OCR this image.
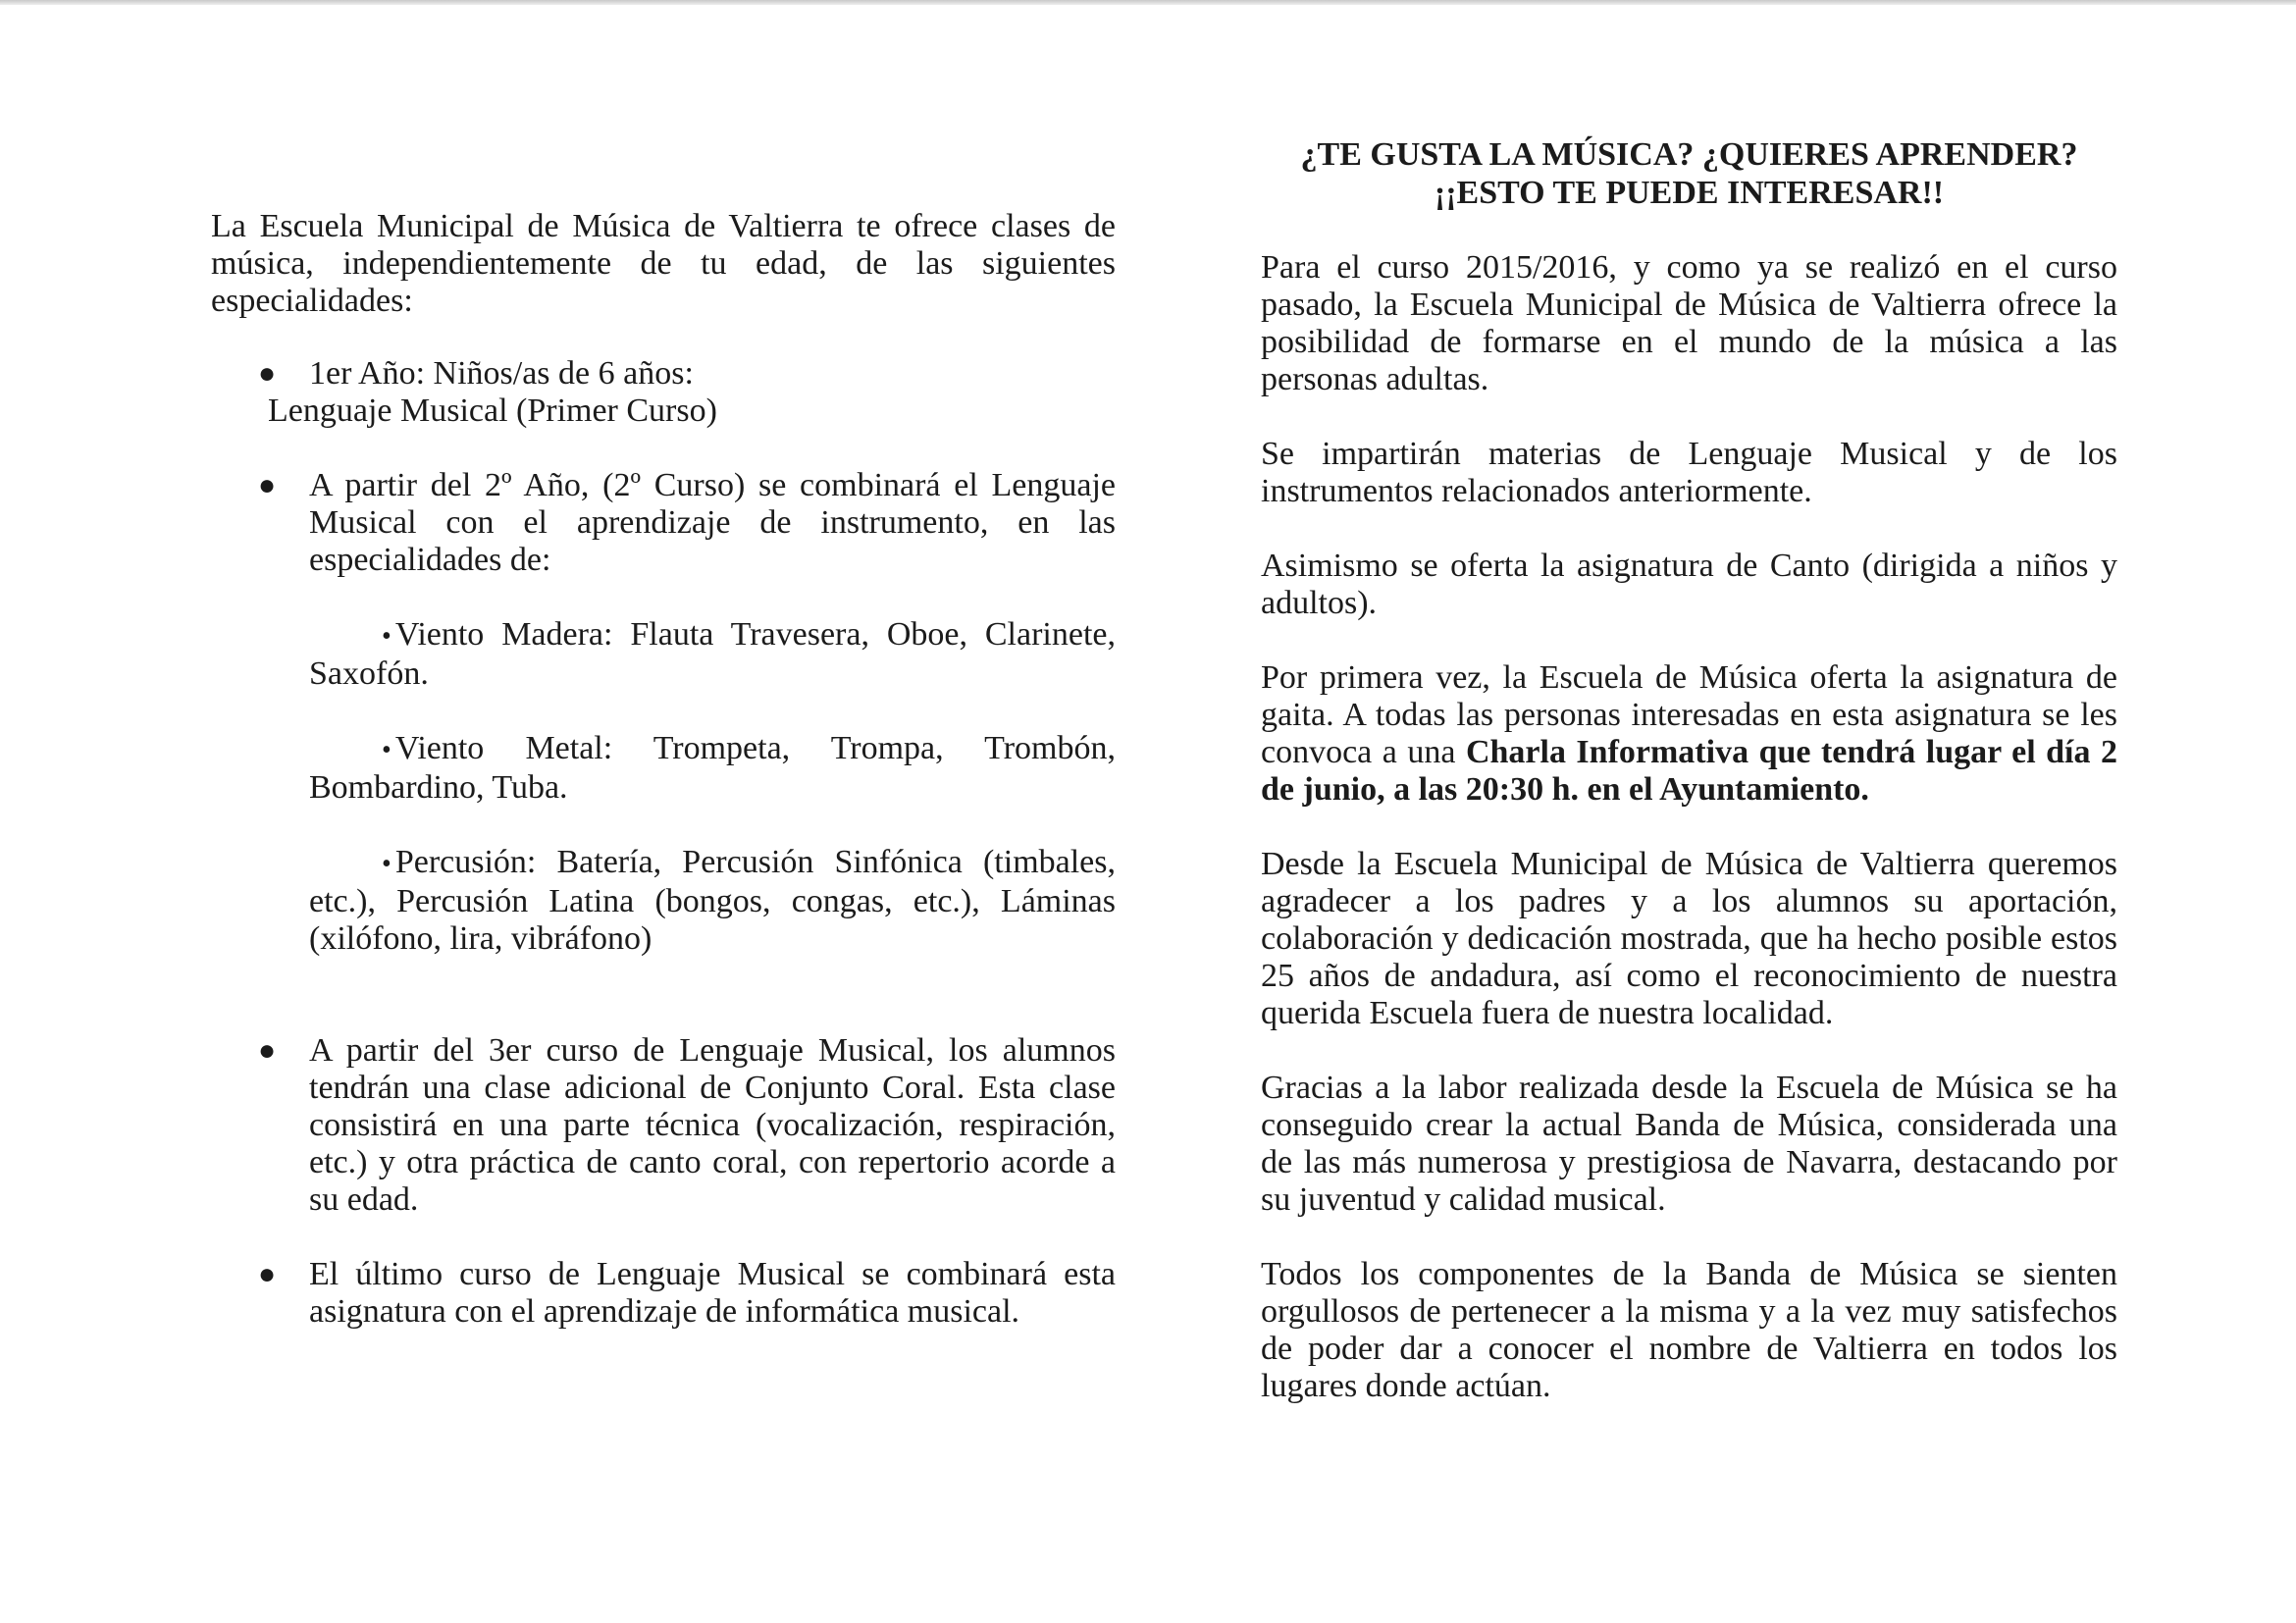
La Escuela Municipal de Música de Valtierra te ofrece clases de música, independientemente de tu edad, de las siguientes especialidades:

● 1er Año: Niños/as de 6 años:

Lenguaje Musical (Primer Curso)

● A partir del 2º Año, (2º Curso) se combinará el Lenguaje Musical con el aprendizaje de instrumento, en las especialidades de:

• Viento Madera: Flauta Travesera, Oboe, Clarinete, Saxofón.

• Viento Metal: Trompeta, Trompa, Trombón, Bombardino, Tuba.

• Percusión: Batería, Percusión Sinfónica (timbales, etc.), Percusión Latina (bongos, congas, etc.), Láminas (xilófono, lira, vibráfono)

● A partir del 3er curso de Lenguaje Musical, los alumnos tendrán una clase adicional de Conjunto Coral. Esta clase consistirá en una parte técnica (vocalización, respiración, etc.) y otra práctica de canto coral, con repertorio acorde a su edad.

● El último curso de Lenguaje Musical se combinará esta asignatura con el aprendizaje de informática musical.

¿TE GUSTA LA MÚSICA? ¿QUIERES APRENDER?
¡¡ESTO TE PUEDE INTERESAR!!

Para el curso 2015/2016, y como ya se realizó en el curso pasado, la Escuela Municipal de Música de Valtierra ofrece la posibilidad de formarse en el mundo de la música a las personas adultas.

Se impartirán materias de Lenguaje Musical y de los instrumentos relacionados anteriormente.

Asimismo se oferta la asignatura de Canto (dirigida a niños y adultos).

Por primera vez, la Escuela de Música oferta la asignatura de gaita. A todas las personas interesadas en esta asignatura se les convoca a una Charla Informativa que tendrá lugar el día 2 de junio, a las 20:30 h. en el Ayuntamiento.

Desde la Escuela Municipal de Música de Valtierra queremos agradecer a los padres y a los alumnos su aportación, colaboración y dedicación mostrada, que ha hecho posible estos 25 años de andadura, así como el reconocimiento de nuestra querida Escuela fuera de nuestra localidad.

Gracias a la labor realizada desde la Escuela de Música se ha conseguido crear la actual Banda de Música, considerada una de las más numerosa y prestigiosa de Navarra, destacando por su juventud y calidad musical.

Todos los componentes de la Banda de Música se sienten orgullosos de pertenecer a la misma y a la vez muy satisfechos de poder dar a conocer el nombre de Valtierra en todos los lugares donde actúan.
